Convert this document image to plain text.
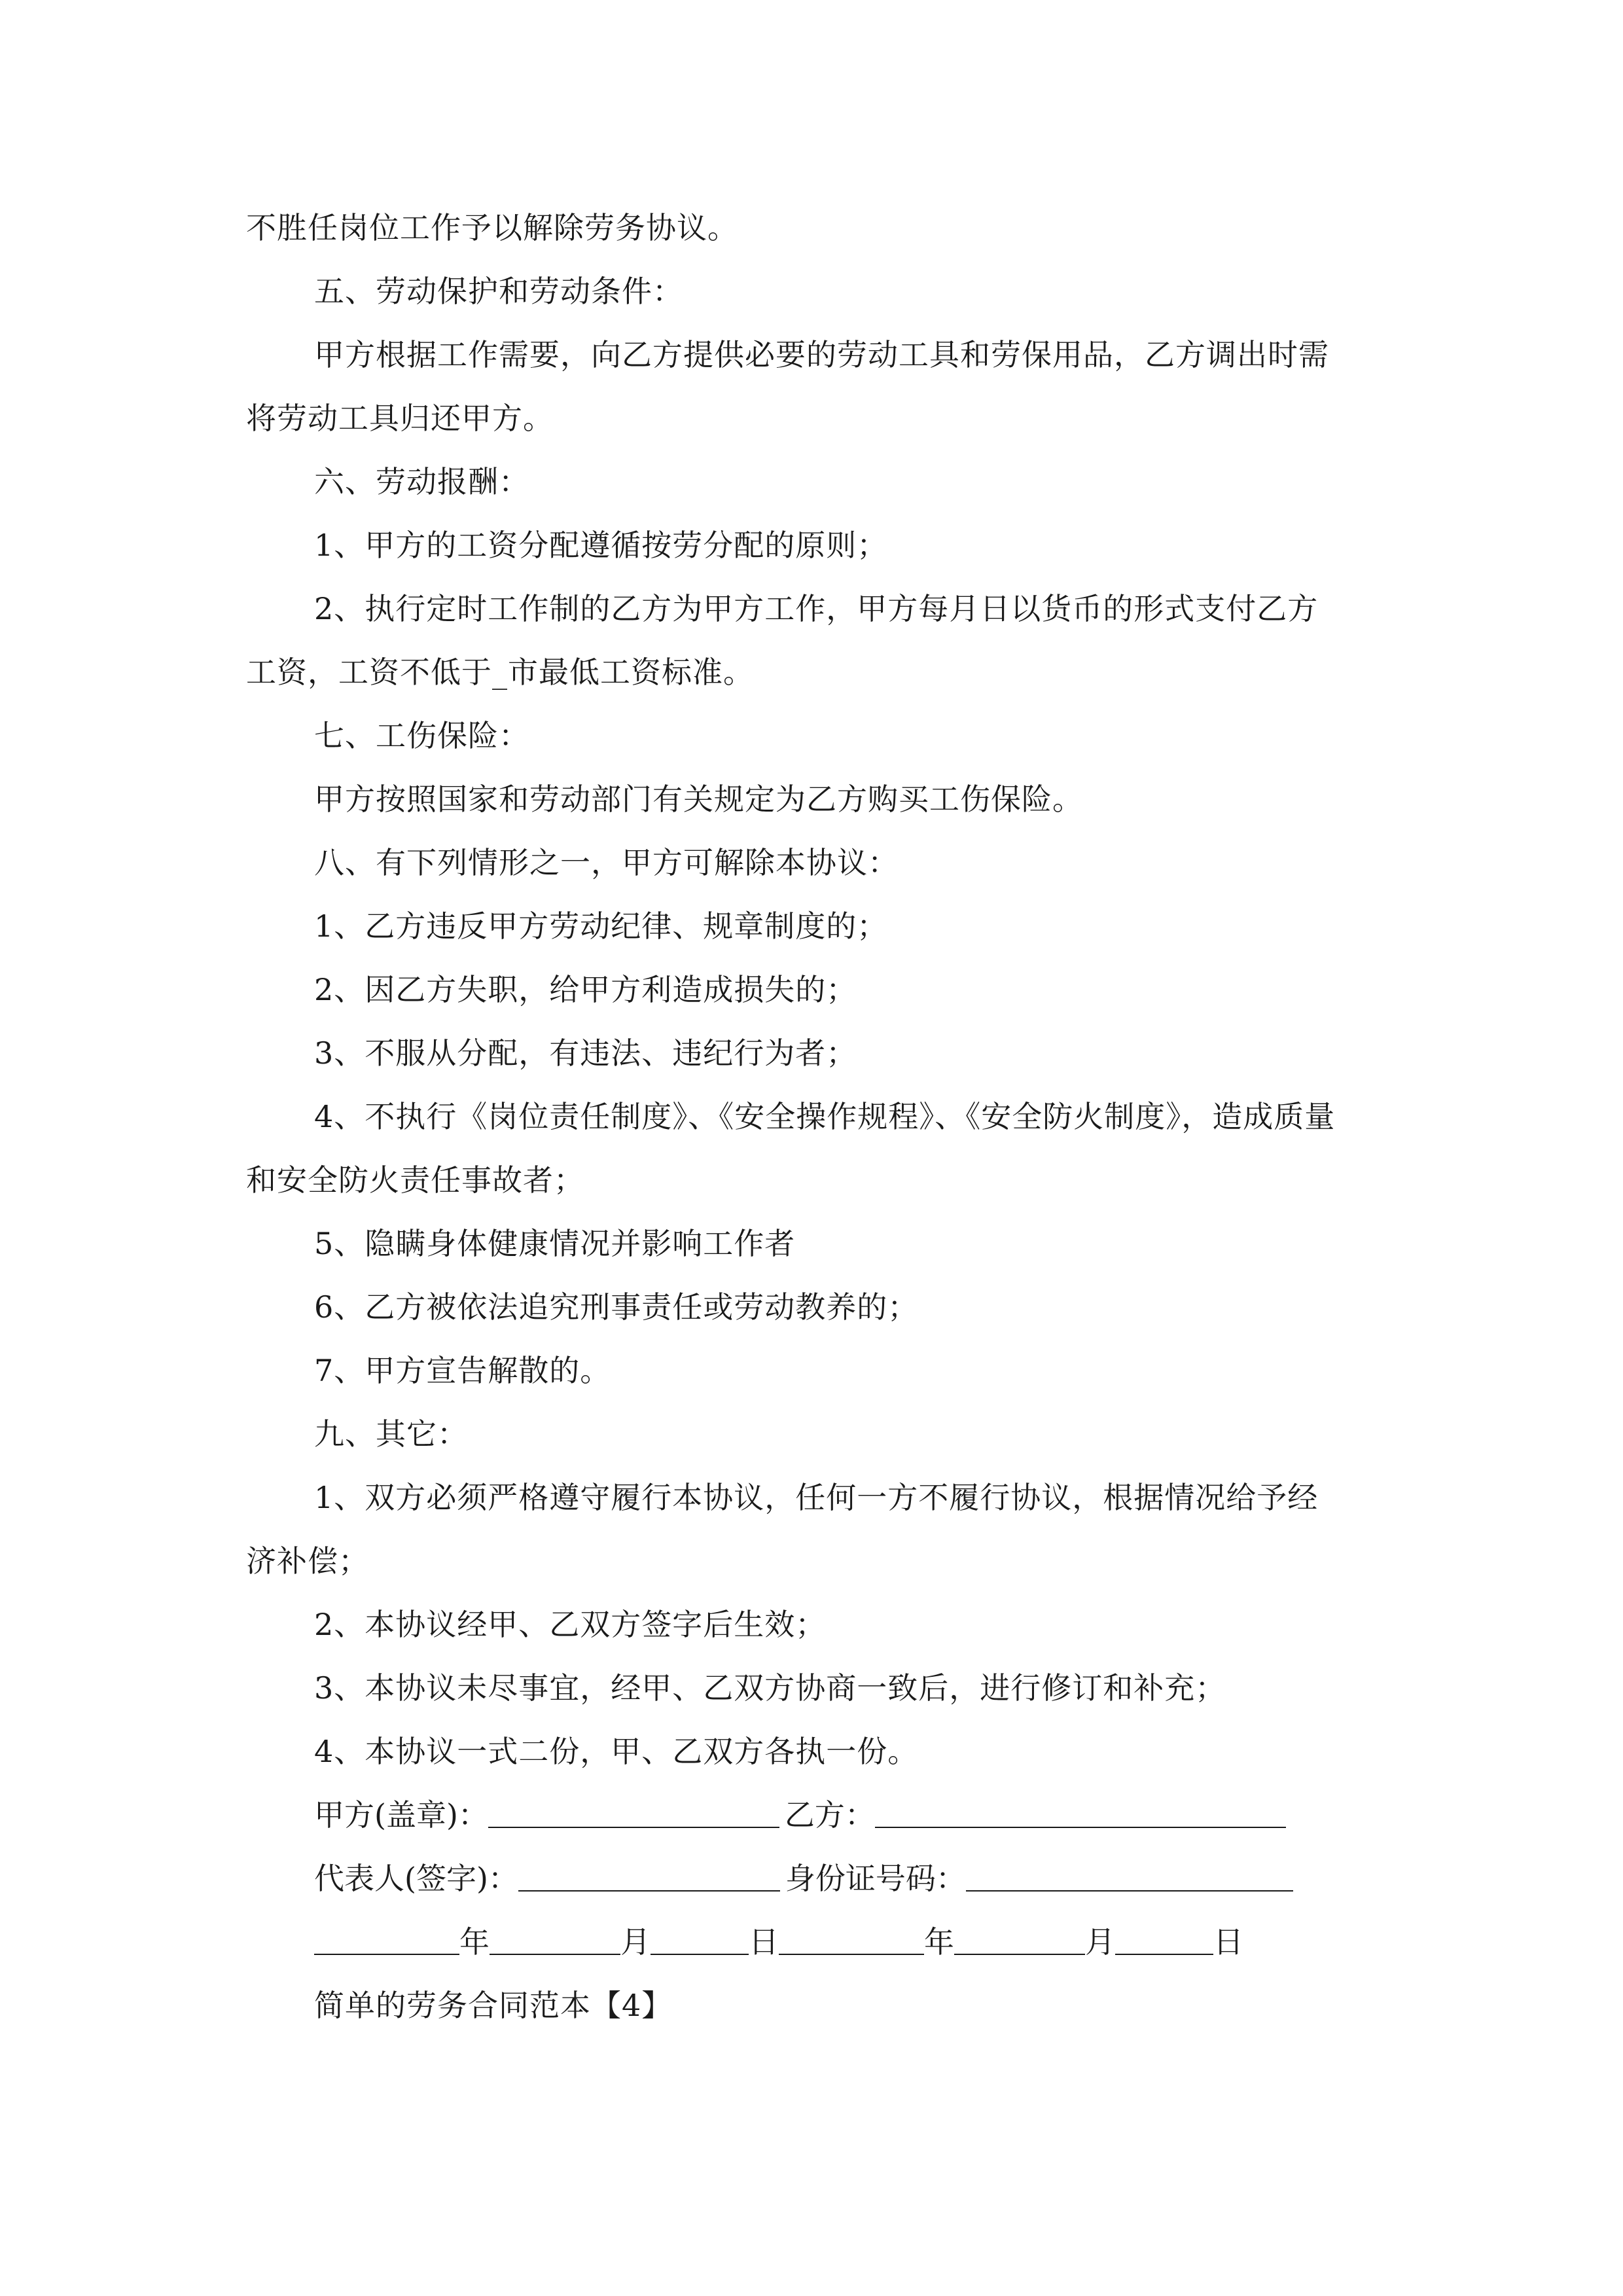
不胜任岗位工作予以解除劳务协议。
五、劳动保护和劳动条件：
甲方根据工作需要，向乙方提供必要的劳动工具和劳保用品，乙方调出时需
将劳动工具归还甲方。
六、劳动报酬：
1、甲方的工资分配遵循按劳分配的原则；
2、执行定时工作制的乙方为甲方工作，甲方每月日以货币的形式支付乙方
工资，工资不低于_市最低工资标准。
七、工伤保险：
甲方按照国家和劳动部门有关规定为乙方购买工伤保险。
八、有下列情形之一，甲方可解除本协议：
1、乙方违反甲方劳动纪律、规章制度的；
2、因乙方失职，给甲方利造成损失的；
3、不服从分配，有违法、违纪行为者；
4、不执行《岗位责任制度》、《安全操作规程》、《安全防火制度》，造成质量
和安全防火责任事故者；
5、隐瞒身体健康情况并影响工作者
6、乙方被依法追究刑事责任或劳动教养的；
7、甲方宣告解散的。
九、其它：
1、双方必须严格遵守履行本协议，任何一方不履行协议，根据情况给予经
济补偿；
2、本协议经甲、乙双方签字后生效；
3、本协议未尽事宜，经甲、乙双方协商一致后，进行修订和补充；
4、本协议一式二份，甲、乙双方各执一份。
甲方(盖章)：	乙方：
代表人(签字)：	身份证号码：
年	月	日	年	月	日
简单的劳务合同范本【4】
